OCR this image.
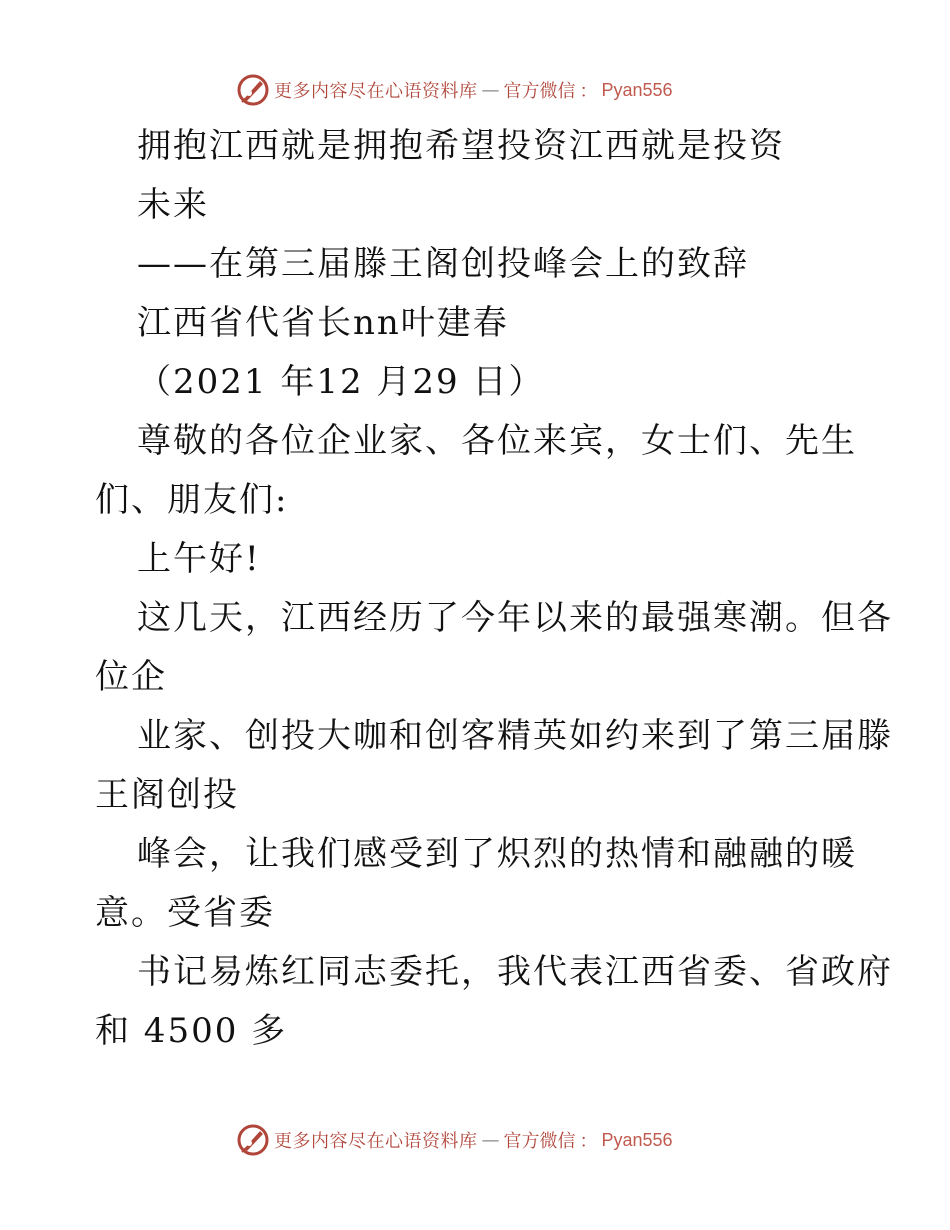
更多内容尽在心语资料库 — 官方微信 ： Pyan556
拥抱江西就是拥抱希望投资江西就是投资
未来
——在第三届滕王阁创投峰会上的致辞
江西省代省长nn叶建春
（2021 年12 月29 日）
尊敬的各位企业家、各位来宾，女士们、先生
们、朋友们:
上午好!
这几天，江西经历了今年以来的最强寒潮。但各
位企
业家、创投大咖和创客精英如约来到了第三届滕
王阁创投
峰会，让我们感受到了炽烈的热情和融融的暖
意。受省委
书记易炼红同志委托，我代表江西省委、省政府
和 4500 多
更多内容尽在心语资料库 — 官方微信 ： Pyan556
